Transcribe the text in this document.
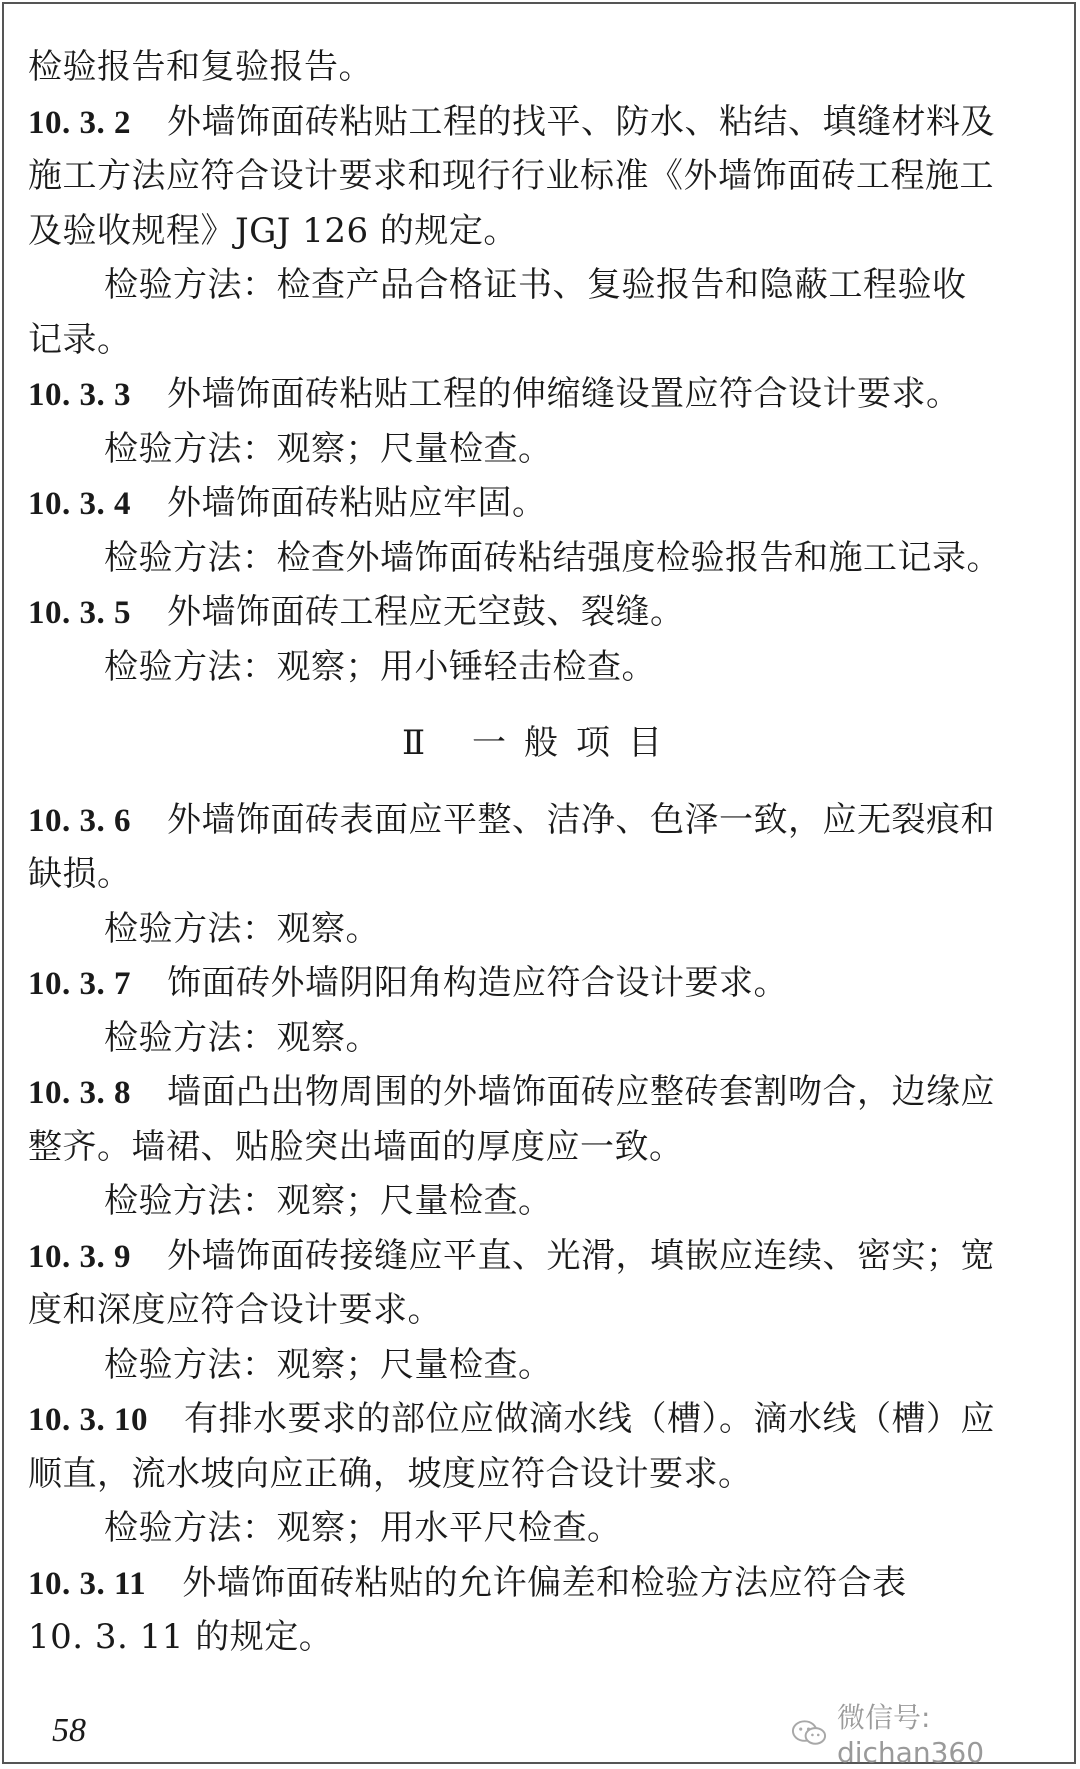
检验报告和复验报告。
10. 3. 2 外墙饰面砖粘贴工程的找平、防水、粘结、填缝材料及
施工方法应符合设计要求和现行行业标准《外墙饰面砖工程施工
及验收规程》JGJ 126 的规定。
检验方法：检查产品合格证书、复验报告和隐蔽工程验收
记录。
10. 3. 3 外墙饰面砖粘贴工程的伸缩缝设置应符合设计要求。
检验方法：观察；尺量检查。
10. 3. 4 外墙饰面砖粘贴应牢固。
检验方法：检查外墙饰面砖粘结强度检验报告和施工记录。
10. 3. 5 外墙饰面砖工程应无空鼓、裂缝。
检验方法：观察；用小锤轻击检查。
Ⅱ 一般项目
10. 3. 6 外墙饰面砖表面应平整、洁净、色泽一致，应无裂痕和
缺损。
检验方法：观察。
10. 3. 7 饰面砖外墙阴阳角构造应符合设计要求。
检验方法：观察。
10. 3. 8 墙面凸出物周围的外墙饰面砖应整砖套割吻合，边缘应
整齐。墙裙、贴脸突出墙面的厚度应一致。
检验方法：观察；尺量检查。
10. 3. 9 外墙饰面砖接缝应平直、光滑，填嵌应连续、密实；宽
度和深度应符合设计要求。
检验方法：观察；尺量检查。
10. 3. 10 有排水要求的部位应做滴水线（槽）。滴水线（槽）应
顺直，流水坡向应正确，坡度应符合设计要求。
检验方法：观察；用水平尺检查。
10. 3. 11 外墙饰面砖粘贴的允许偏差和检验方法应符合表
10. 3. 11 的规定。
58	微信号: dichan360
